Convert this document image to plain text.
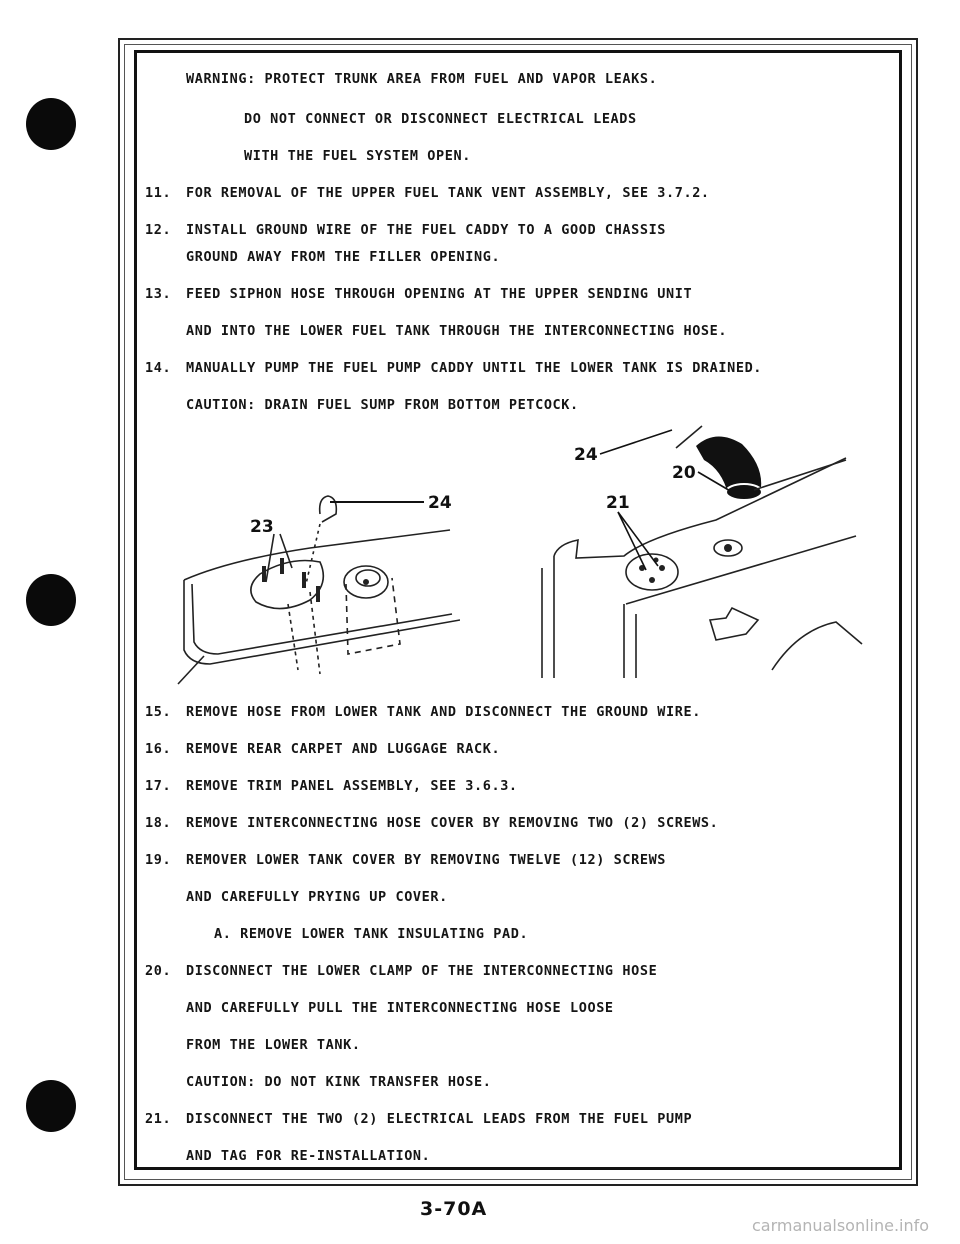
WARNING: PROTECT TRUNK AREA FROM FUEL AND VAPOR LEAKS.
DO NOT CONNECT OR DISCONNECT ELECTRICAL LEADS
WITH THE FUEL SYSTEM OPEN.
11. FOR REMOVAL OF THE UPPER FUEL TANK VENT ASSEMBLY, SEE 3.7.2.
12. INSTALL GROUND WIRE OF THE FUEL CADDY TO A GOOD CHASSIS
GROUND AWAY FROM THE FILLER OPENING.
13. FEED SIPHON HOSE THROUGH OPENING AT THE UPPER SENDING UNIT
AND INTO THE LOWER FUEL TANK THROUGH THE INTERCONNECTING HOSE.
14. MANUALLY PUMP THE FUEL PUMP CADDY UNTIL THE LOWER TANK IS DRAINED.
CAUTION: DRAIN FUEL SUMP FROM BOTTOM PETCOCK.
24
23
24
20
21
15. REMOVE HOSE FROM LOWER TANK AND DISCONNECT THE GROUND WIRE.
16. REMOVE REAR CARPET AND LUGGAGE RACK.
17. REMOVE TRIM PANEL ASSEMBLY, SEE 3.6.3.
18. REMOVE INTERCONNECTING HOSE COVER BY REMOVING TWO (2) SCREWS.
19. REMOVER LOWER TANK COVER BY REMOVING TWELVE (12) SCREWS
AND CAREFULLY PRYING UP COVER.
A. REMOVE LOWER TANK INSULATING PAD.
20. DISCONNECT THE LOWER CLAMP OF THE INTERCONNECTING HOSE
AND CAREFULLY PULL THE INTERCONNECTING HOSE LOOSE
FROM THE LOWER TANK.
CAUTION: DO NOT KINK TRANSFER HOSE.
21. DISCONNECT THE TWO (2) ELECTRICAL LEADS FROM THE FUEL PUMP
AND TAG FOR RE-INSTALLATION.
3-70A
carmanualsonline.info
